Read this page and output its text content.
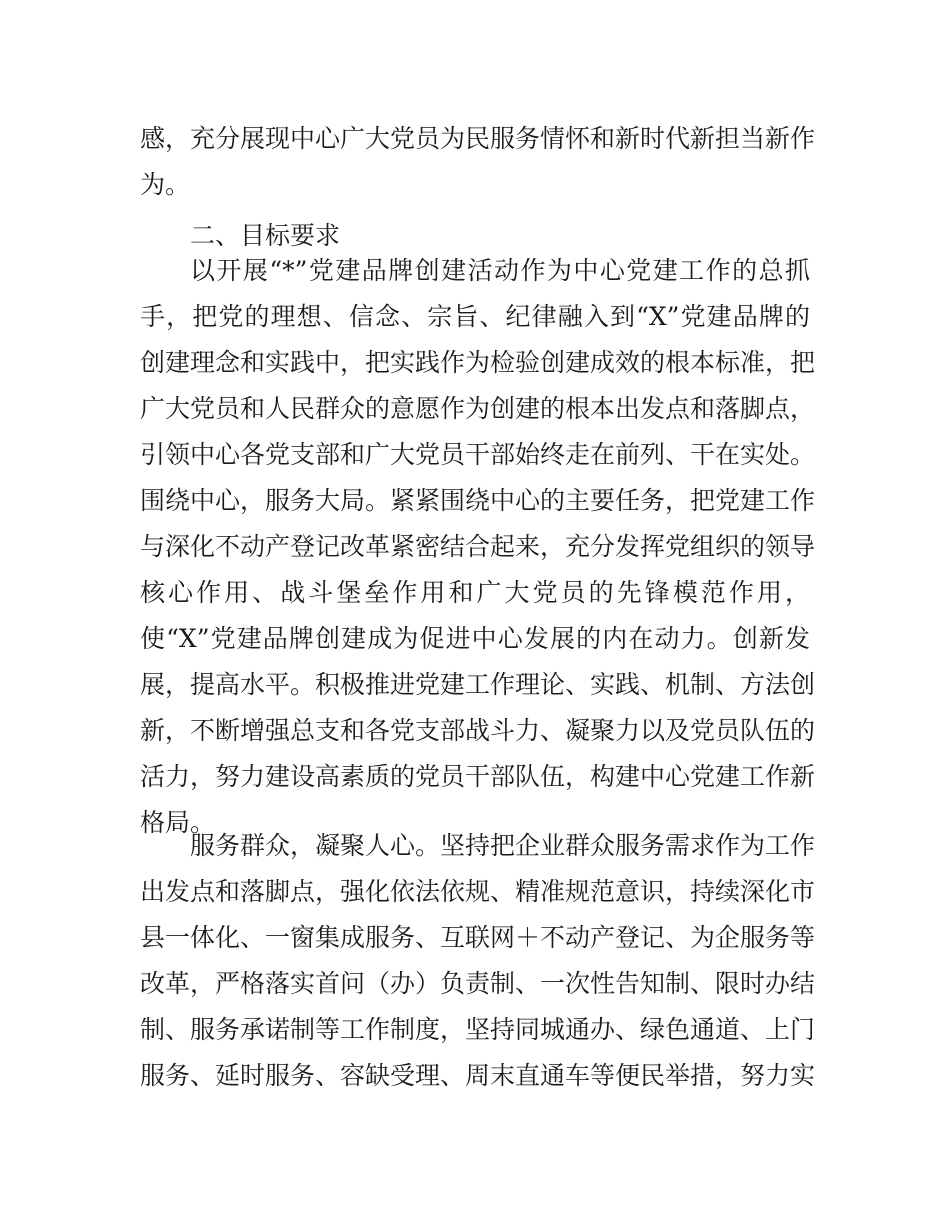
感，充分展现中心广大党员为民服务情怀和新时代新担当新作
为。
二、目标要求
以开展“*”党建品牌创建活动作为中心党建工作的总抓
手，把党的理想、信念、宗旨、纪律融入到“X”党建品牌的
创建理念和实践中，把实践作为检验创建成效的根本标准，把
广大党员和人民群众的意愿作为创建的根本出发点和落脚点，
引领中心各党支部和广大党员干部始终走在前列、干在实处。
围绕中心，服务大局。紧紧围绕中心的主要任务，把党建工作
与深化不动产登记改革紧密结合起来，充分发挥党组织的领导
核心作用、战斗堡垒作用和广大党员的先锋模范作用，
使“X”党建品牌创建成为促进中心发展的内在动力。创新发
展，提高水平。积极推进党建工作理论、实践、机制、方法创
新，不断增强总支和各党支部战斗力、凝聚力以及党员队伍的
活力，努力建设高素质的党员干部队伍，构建中心党建工作新
格局。
服务群众，凝聚人心。坚持把企业群众服务需求作为工作
出发点和落脚点，强化依法依规、精准规范意识，持续深化市
县一体化、一窗集成服务、互联网＋不动产登记、为企服务等
改革，严格落实首问（办）负责制、一次性告知制、限时办结
制、服务承诺制等工作制度，坚持同城通办、绿色通道、上门
服务、延时服务、容缺受理、周末直通车等便民举措，努力实
